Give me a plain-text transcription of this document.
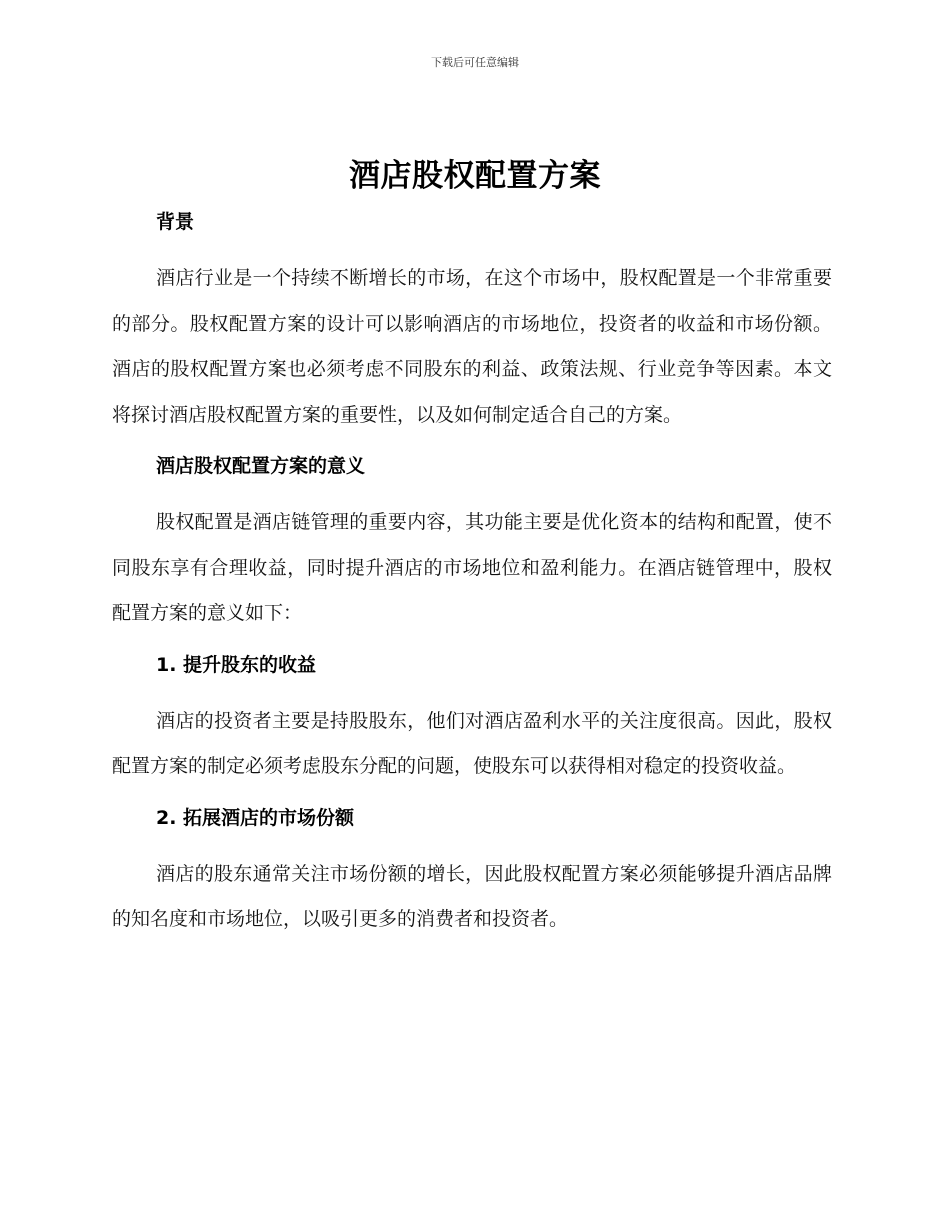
下载后可任意编辑
酒店股权配置方案
背景

酒店行业是一个持续不断增长的市场，在这个市场中，股权配置是一个非常重要的部分。股权配置方案的设计可以影响酒店的市场地位，投资者的收益和市场份额。酒店的股权配置方案也必须考虑不同股东的利益、政策法规、行业竞争等因素。本文将探讨酒店股权配置方案的重要性，以及如何制定适合自己的方案。

酒店股权配置方案的意义

股权配置是酒店链管理的重要内容，其功能主要是优化资本的结构和配置，使不同股东享有合理收益，同时提升酒店的市场地位和盈利能力。在酒店链管理中，股权配置方案的意义如下：

1. 提升股东的收益

酒店的投资者主要是持股股东，他们对酒店盈利水平的关注度很高。因此，股权配置方案的制定必须考虑股东分配的问题，使股东可以获得相对稳定的投资收益。

2. 拓展酒店的市场份额

酒店的股东通常关注市场份额的增长，因此股权配置方案必须能够提升酒店品牌的知名度和市场地位，以吸引更多的消费者和投资者。
